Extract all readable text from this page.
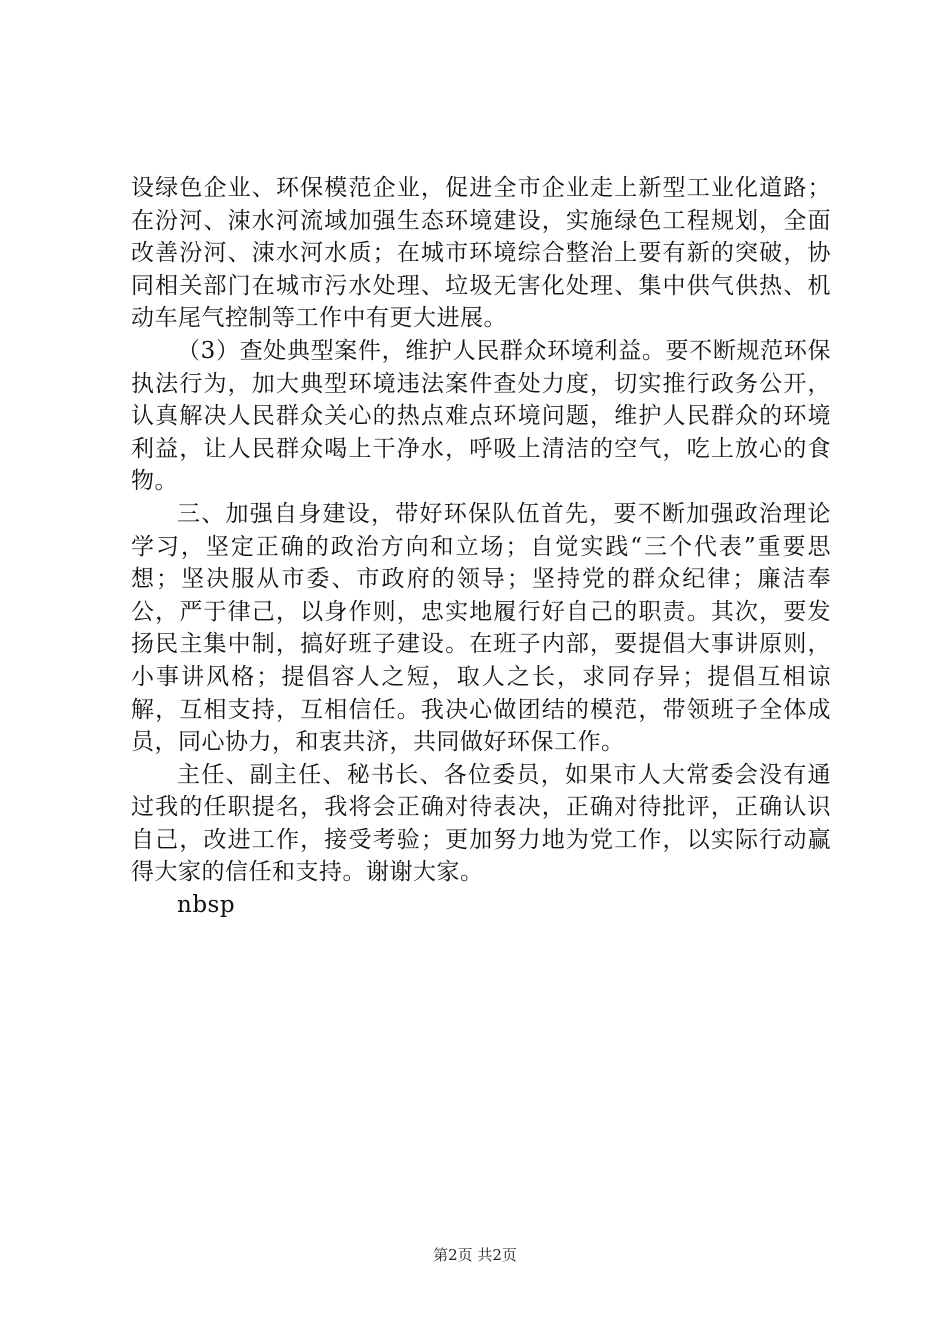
设绿色企业、环保模范企业，促进全市企业走上新型工业化道路；在汾河、涑水河流域加强生态环境建设，实施绿色工程规划，全面改善汾河、涑水河水质；在城市环境综合整治上要有新的突破，协同相关部门在城市污水处理、垃圾无害化处理、集中供气供热、机动车尾气控制等工作中有更大进展。

（3）查处典型案件，维护人民群众环境利益。要不断规范环保执法行为，加大典型环境违法案件查处力度，切实推行政务公开，认真解决人民群众关心的热点难点环境问题，维护人民群众的环境利益，让人民群众喝上干净水，呼吸上清洁的空气，吃上放心的食物。

三、加强自身建设，带好环保队伍首先，要不断加强政治理论学习，坚定正确的政治方向和立场；自觉实践“三个代表”重要思想；坚决服从市委、市政府的领导；坚持党的群众纪律；廉洁奉公，严于律己，以身作则，忠实地履行好自己的职责。其次，要发扬民主集中制，搞好班子建设。在班子内部，要提倡大事讲原则，小事讲风格；提倡容人之短，取人之长，求同存异；提倡互相谅解，互相支持，互相信任。我决心做团结的模范，带领班子全体成员，同心协力，和衷共济，共同做好环保工作。

主任、副主任、秘书长、各位委员，如果市人大常委会没有通过我的任职提名，我将会正确对待表决，正确对待批评，正确认识自己，改进工作，接受考验；更加努力地为党工作，以实际行动赢得大家的信任和支持。谢谢大家。

nbsp

第2页 共2页
